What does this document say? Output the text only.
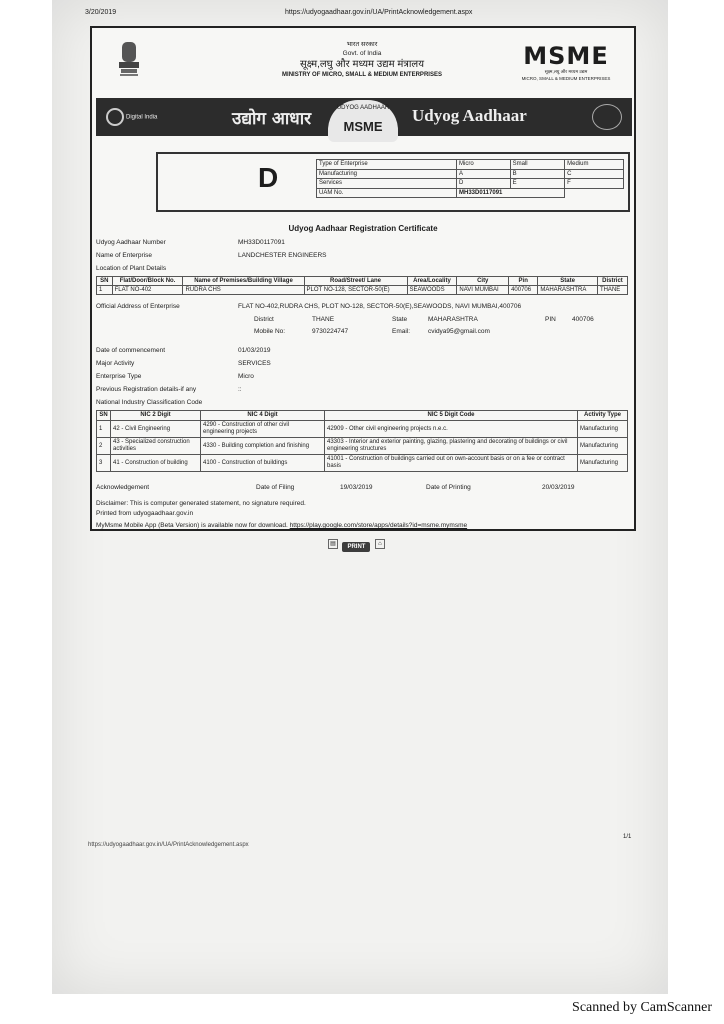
3/20/2019	https://udyogaadhaar.gov.in/UA/PrintAcknowledgement.aspx
भारत सरकार
Govt. of India
सूक्ष्म,लघु और मध्यम उद्यम मंत्रालय
MINISTRY OF MICRO, SMALL & MEDIUM ENTERPRISES
MSME
सूक्ष्म,लघु और मध्यम उद्यम
MICRO, SMALL & MEDIUM ENTERPRISES
Digital India	उद्योग आधार
UDYOG AADHAAR
MSME
Udyog Aadhaar
D	Type of Enterprise	Micro	Small	Medium
Manufacturing	A	B	C
Services	D	E	F
UAM No.	MH33D0117091		
Udyog Aadhaar Registration Certificate
Udyog Aadhaar Number	MH33D0117091
Name of Enterprise	LANDCHESTER ENGINEERS
Location of Plant Details
SN	Flat/Door/Block No.	Name of Premises/Building Village	Road/Street/ Lane	Area/Locality	City	Pin	State	District
1	FLAT NO-402	RUDRA CHS	PLOT NO-128, SECTOR-50(E)	SEAWOODS	NAVI MUMBAI	400706	MAHARASHTRA	THANE
Official Address of Enterprise	FLAT NO-402,RUDRA CHS, PLOT NO-128, SECTOR-50(E),SEAWOODS, NAVI MUMBAI,400706
District	THANE	State	MAHARASHTRA	PIN 400706
Mobile No:	9730224747	Email:	cvidya95@gmail.com
Date of commencement	01/03/2019
Major Activity	SERVICES
Enterprise Type	Micro
Previous Registration details-if any	::
National Industry Classification Code
SN	NIC 2 Digit	NIC 4 Digit	NIC 5 Digit Code	Activity Type
1	42 - Civil Engineering	4290 - Construction of other civil engineering projects	42909 - Other civil engineering projects n.e.c.	Manufacturing
2	43 - Specialized construction activities	4330 - Building completion and finishing	43303 - Interior and exterior painting, glazing, plastering and decorating of buildings or civil engineering structures	Manufacturing
3	41 - Construction of building	4100 - Construction of buildings	41001 - Construction of buildings carried out on own-account basis or on a fee or contract basis	Manufacturing
Acknowledgement	Date of Filing	19/03/2019	Date of Printing	20/03/2019
Disclaimer: This is computer generated statement, no signature required.
Printed from udyogaadhaar.gov.in
MyMsme Mobile App (Beta Version) is available now for download. https://play.google.com/store/apps/details?id=msme.mymsme
▤ PRINT ⌂
https://udyogaadhaar.gov.in/UA/PrintAcknowledgement.aspx
1/1
Scanned by CamScanner
